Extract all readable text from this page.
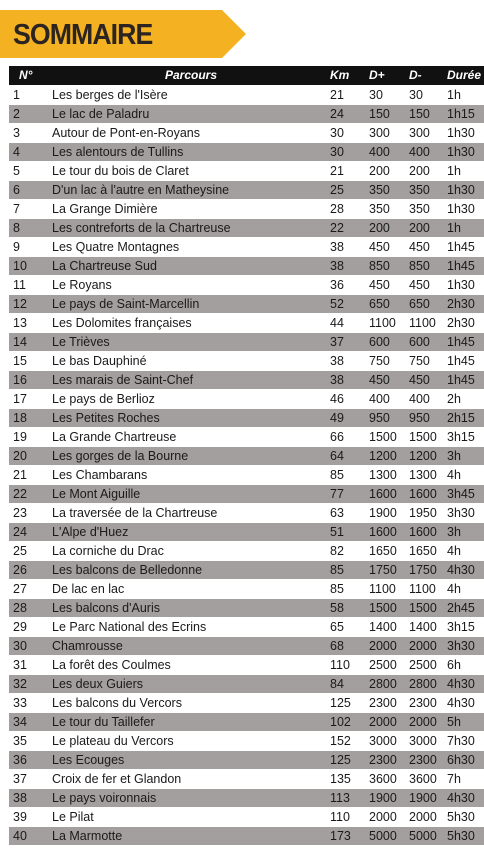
SOMMAIRE
N°	Parcours	Km	D+	D-	Durée
1	Les berges de l'Isère	21	30	30	1h
2	Le lac de Paladru	24	150	150	1h15
3	Autour de Pont-en-Royans	30	300	300	1h30
4	Les alentours de Tullins	30	400	400	1h30
5	Le tour du bois de Claret	21	200	200	1h
6	D'un lac à l'autre en Matheysine	25	350	350	1h30
7	La Grange Dimière	28	350	350	1h30
8	Les contreforts de la Chartreuse	22	200	200	1h
9	Les Quatre Montagnes	38	450	450	1h45
10	La Chartreuse Sud	38	850	850	1h45
11	Le Royans	36	450	450	1h30
12	Le pays de Saint-Marcellin	52	650	650	2h30
13	Les Dolomites françaises	44	1100	1100	2h30
14	Le Trièves	37	600	600	1h45
15	Le bas Dauphiné	38	750	750	1h45
16	Les marais de Saint-Chef	38	450	450	1h45
17	Le pays de Berlioz	46	400	400	2h
18	Les Petites Roches	49	950	950	2h15
19	La Grande Chartreuse	66	1500	1500	3h15
20	Les gorges de la Bourne	64	1200	1200	3h
21	Les Chambarans	85	1300	1300	4h
22	Le Mont Aiguille	77	1600	1600	3h45
23	La traversée de la Chartreuse	63	1900	1950	3h30
24	L'Alpe d'Huez	51	1600	1600	3h
25	La corniche du Drac	82	1650	1650	4h
26	Les balcons de Belledonne	85	1750	1750	4h30
27	De lac en lac	85	1100	1100	4h
28	Les balcons d'Auris	58	1500	1500	2h45
29	Le Parc National des Ecrins	65	1400	1400	3h15
30	Chamrousse	68	2000	2000	3h30
31	La forêt des Coulmes	110	2500	2500	6h
32	Les deux Guiers	84	2800	2800	4h30
33	Les balcons du Vercors	125	2300	2300	4h30
34	Le tour du Taillefer	102	2000	2000	5h
35	Le plateau du Vercors	152	3000	3000	7h30
36	Les Ecouges	125	2300	2300	6h30
37	Croix de fer et Glandon	135	3600	3600	7h
38	Le pays voironnais	113	1900	1900	4h30
39	Le Pilat	110	2000	2000	5h30
40	La Marmotte	173	5000	5000	5h30
